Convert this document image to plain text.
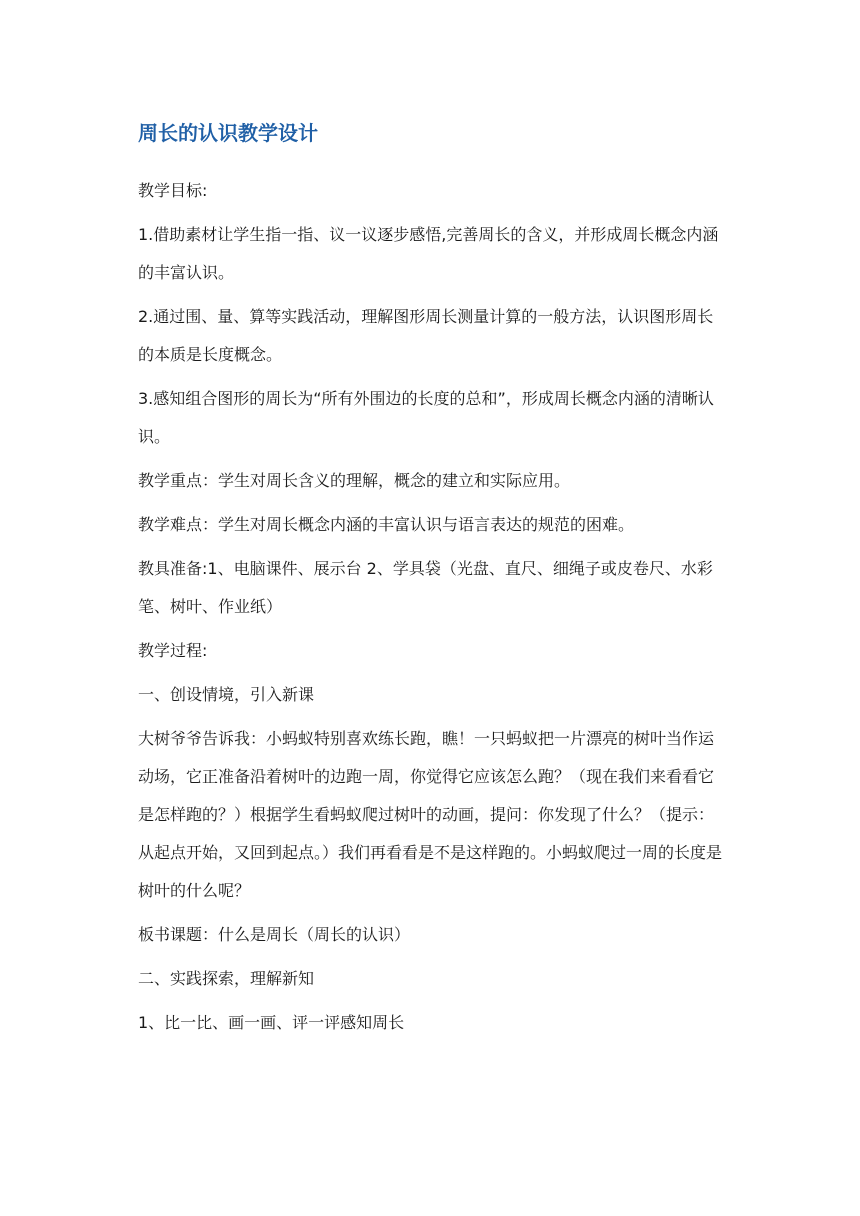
周长的认识教学设计

教学目标:

1.借助素材让学生指一指、议一议逐步感悟,完善周长的含义，并形成周长概念内涵的丰富认识。

2.通过围、量、算等实践活动，理解图形周长测量计算的一般方法，认识图形周长的本质是长度概念。

3.感知组合图形的周长为“所有外围边的长度的总和”，形成周长概念内涵的清晰认识。

教学重点：学生对周长含义的理解，概念的建立和实际应用。

教学难点：学生对周长概念内涵的丰富认识与语言表达的规范的困难。

教具准备:1、电脑课件、展示台 2、学具袋（光盘、直尺、细绳子或皮卷尺、水彩笔、树叶、作业纸）

教学过程:

一、创设情境，引入新课

大树爷爷告诉我：小蚂蚁特别喜欢练长跑，瞧！一只蚂蚁把一片漂亮的树叶当作运动场，它正准备沿着树叶的边跑一周，你觉得它应该怎么跑？（现在我们来看看它是怎样跑的？）根据学生看蚂蚁爬过树叶的动画，提问：你发现了什么？（提示：从起点开始，又回到起点。）我们再看看是不是这样跑的。小蚂蚁爬过一周的长度是树叶的什么呢？

板书课题：什么是周长（周长的认识）

二、实践探索，理解新知

1、比一比、画一画、评一评感知周长
